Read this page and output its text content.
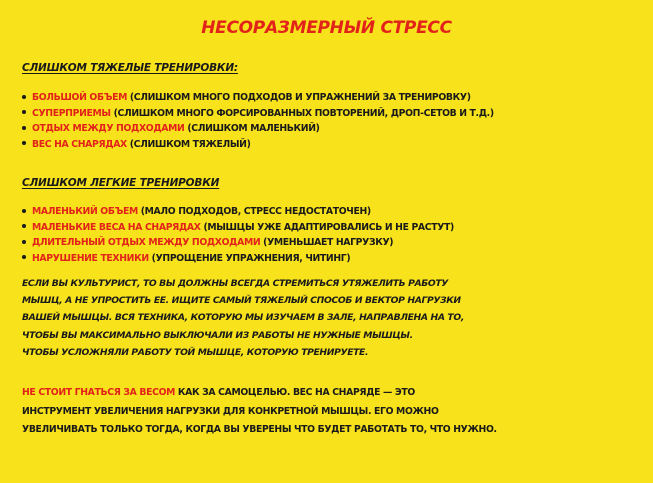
НЕСОРАЗМЕРНЫЙ СТРЕСС
СЛИШКОМ ТЯЖЕЛЫЕ ТРЕНИРОВКИ:
БОЛЬШОЙ ОБЪЕМ (СЛИШКОМ МНОГО ПОДХОДОВ И УПРАЖНЕНИЙ ЗА ТРЕНИРОВКУ)
СУПЕРПРИЕМЫ (СЛИШКОМ МНОГО ФОРСИРОВАННЫХ ПОВТОРЕНИЙ, ДРОП-СЕТОВ И Т.Д.)
ОТДЫХ МЕЖДУ ПОДХОДАМИ (СЛИШКОМ МАЛЕНЬКИЙ)
ВЕС НА СНАРЯДАХ (СЛИШКОМ ТЯЖЕЛЫЙ)
СЛИШКОМ ЛЕГКИЕ ТРЕНИРОВКИ
МАЛЕНЬКИЙ ОБЪЕМ (МАЛО ПОДХОДОВ, СТРЕСС НЕДОСТАТОЧЕН)
МАЛЕНЬКИЕ ВЕСА НА СНАРЯДАХ (МЫШЦЫ УЖЕ АДАПТИРОВАЛИСЬ И НЕ РАСТУТ)
ДЛИТЕЛЬНЫЙ ОТДЫХ МЕЖДУ ПОДХОДАМИ (УМЕНЬШАЕТ НАГРУЗКУ)
НАРУШЕНИЕ ТЕХНИКИ (УПРОЩЕНИЕ УПРАЖНЕНИЯ, ЧИТИНГ)
ЕСЛИ ВЫ КУЛЬТУРИСТ, ТО ВЫ ДОЛЖНЫ ВСЕГДА СТРЕМИТЬСЯ УТЯЖЕЛИТЬ РАБОТУ
МЫШЦ, А НЕ УПРОСТИТЬ ЕЕ. ИЩИТЕ САМЫЙ ТЯЖЕЛЫЙ СПОСОБ И ВЕКТОР НАГРУЗКИ
ВАШЕЙ МЫШЦЫ. ВСЯ ТЕХНИКА, КОТОРУЮ МЫ ИЗУЧАЕМ В ЗАЛЕ, НАПРАВЛЕНА НА ТО,
ЧТОБЫ ВЫ МАКСИМАЛЬНО ВЫКЛЮЧАЛИ ИЗ РАБОТЫ НЕ НУЖНЫЕ МЫШЦЫ.
ЧТОБЫ УСЛОЖНЯЛИ РАБОТУ ТОЙ МЫШЦЕ, КОТОРУЮ ТРЕНИРУЕТЕ.
НЕ СТОИТ ГНАТЬСЯ ЗА ВЕСОМ КАК ЗА САМОЦЕЛЬЮ. ВЕС НА СНАРЯДЕ — ЭТО
ИНСТРУМЕНТ УВЕЛИЧЕНИЯ НАГРУЗКИ ДЛЯ КОНКРЕТНОЙ МЫШЦЫ. ЕГО МОЖНО
УВЕЛИЧИВАТЬ ТОЛЬКО ТОГДА, КОГДА ВЫ УВЕРЕНЫ ЧТО БУДЕТ РАБОТАТЬ ТО, ЧТО НУЖНО.
